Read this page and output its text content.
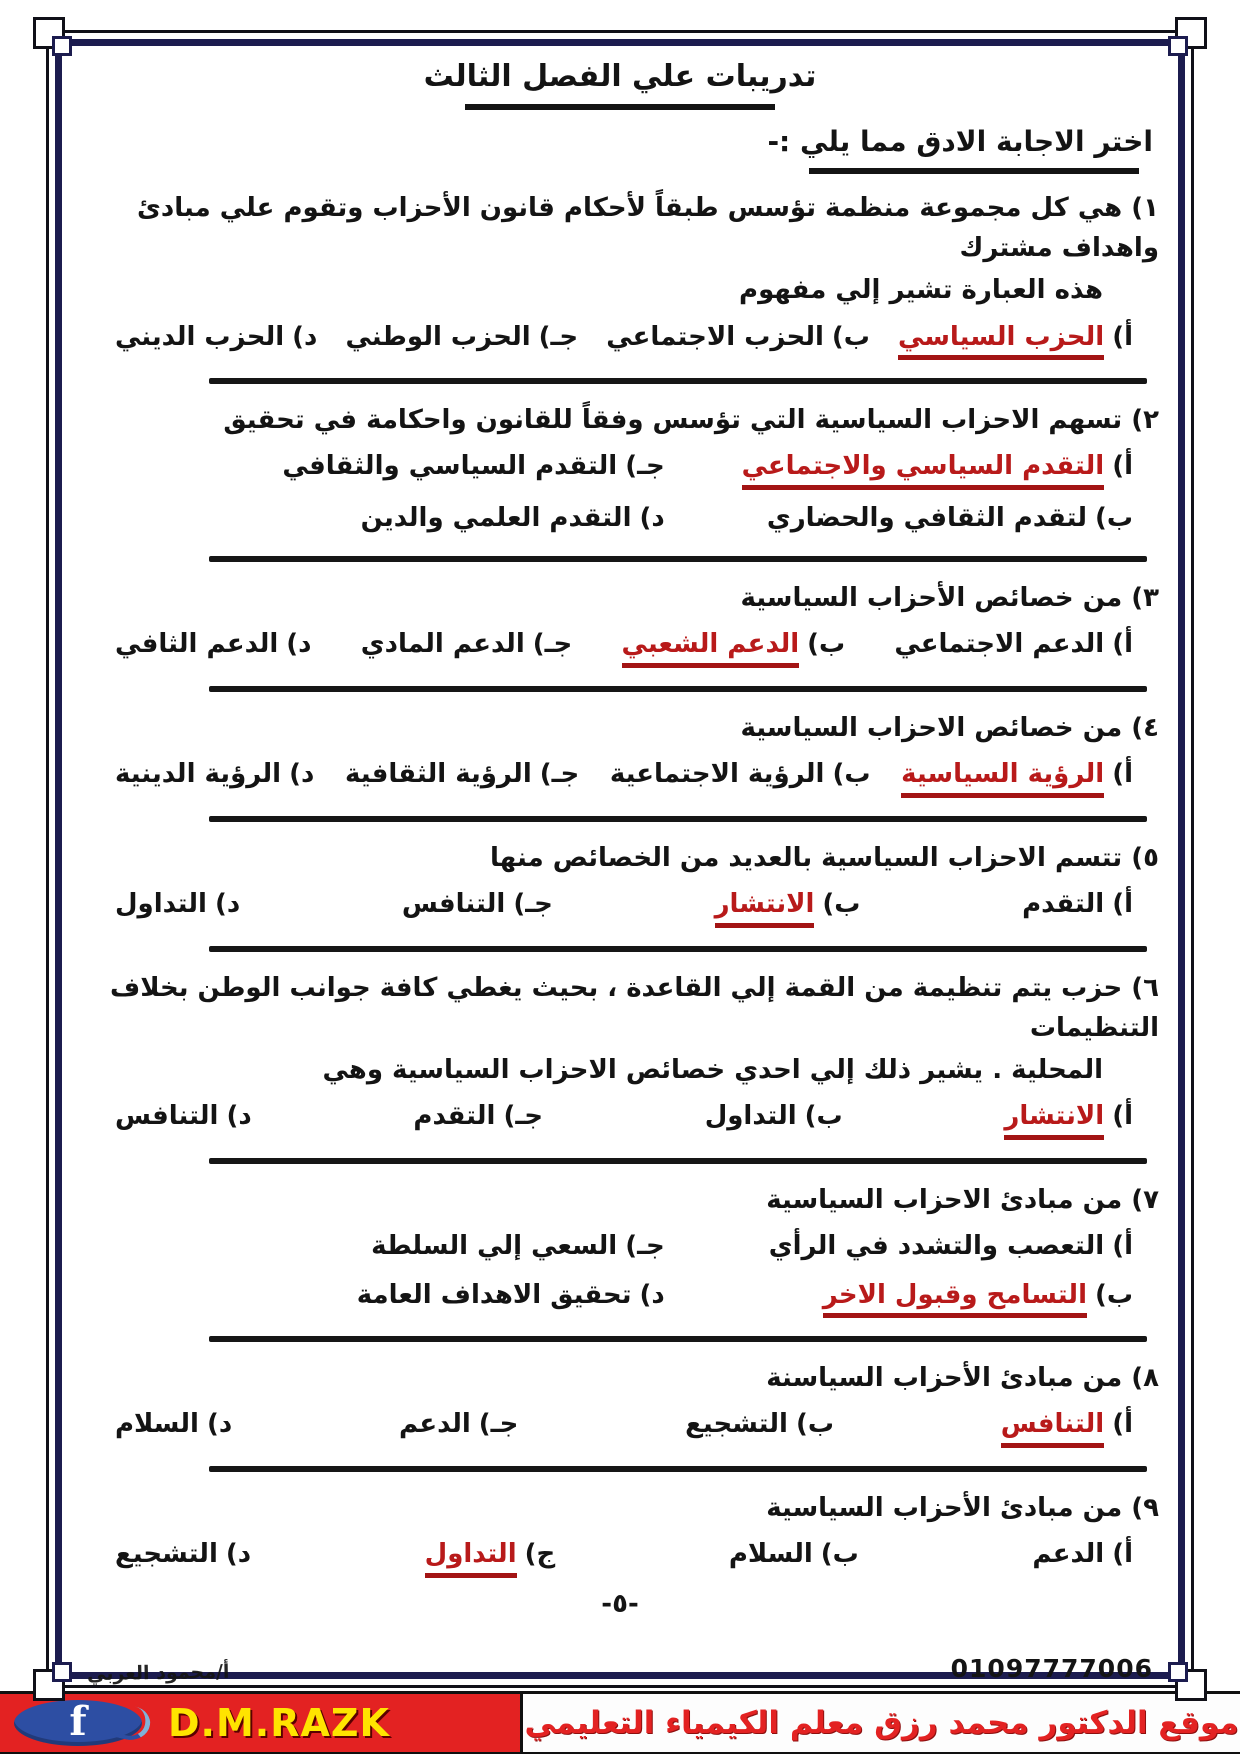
تدريبات علي الفصل الثالث
اختر الاجابة الادق مما يلي :-
١) هي كل مجموعة منظمة تؤسس طبقاً لأحكام قانون الأحزاب وتقوم علي مبادئ واهداف مشترك
هذه العبارة تشير إلي مفهوم
أ)الحزب السياسي
ب)الحزب الاجتماعي
جـ)الحزب الوطني
د)الحزب الديني
٢) تسهم الاحزاب السياسية التي تؤسس وفقاً للقانون واحكامة في تحقيق
أ)التقدم السياسي والاجتماعي
جـ)التقدم السياسي والثقافي
ب)لتقدم الثقافي والحضاري
د)التقدم العلمي والدين
٣) من خصائص الأحزاب السياسية
أ)الدعم الاجتماعي
ب)الدعم الشعبي
جـ)الدعم المادي
د)الدعم الثافي
٤) من خصائص الاحزاب السياسية
أ)الرؤية السياسية
ب)الرؤية الاجتماعية
جـ)الرؤية الثقافية
د)الرؤية الدينية
٥) تتسم الاحزاب السياسية بالعديد من الخصائص منها
أ)التقدم
ب)الانتشار
جـ)التنافس
د)التداول
٦) حزب يتم تنظيمة من القمة إلي القاعدة ، بحيث يغطي كافة جوانب الوطن بخلاف التنظيمات
المحلية . يشير ذلك إلي احدي خصائص الاحزاب السياسية وهي
أ)الانتشار
ب)التداول
جـ)التقدم
د)التنافس
٧) من مبادئ الاحزاب السياسية
أ)التعصب والتشدد في الرأي
جـ)السعي إلي السلطة
ب)التسامح وقبول الاخر
د)تحقيق الاهداف العامة
٨) من مبادئ الأحزاب السياسنة
أ)التنافس
ب)التشجيع
جـ)الدعم
د)السلام
٩) من مبادئ الأحزاب السياسية
أ)الدعم
ب)السلام
ج)التداول
د)التشجيع
-٥-
01097777006
أ/محمود العربي
f D.M.RAZK	موقع الدكتور محمد رزق معلم الكيمياء التعليمي
